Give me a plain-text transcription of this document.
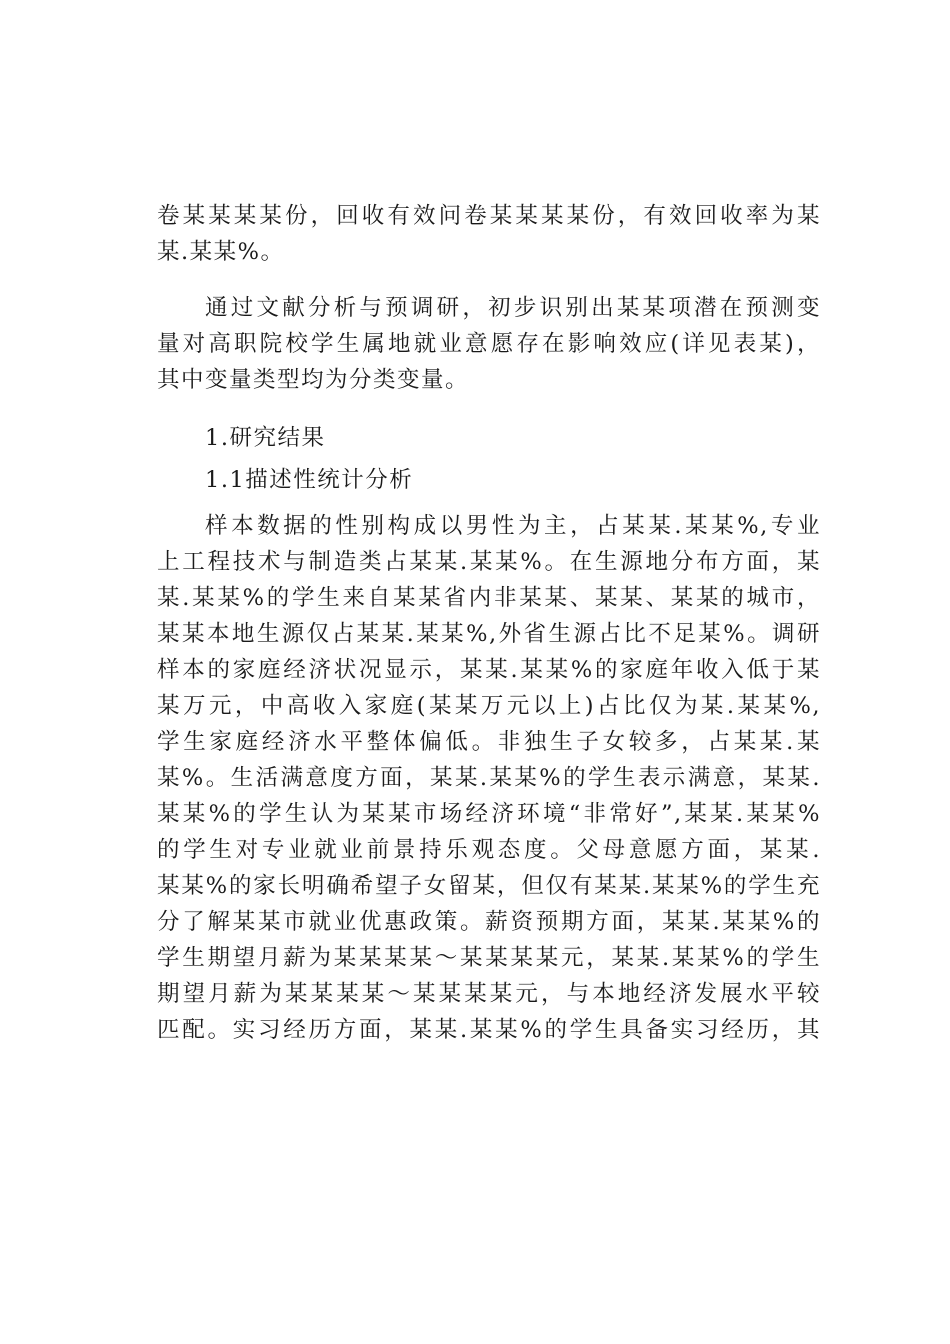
卷某某某某份，回收有效问卷某某某某份，有效回收率为某
某.某某%。
通过文献分析与预调研，初步识别出某某项潜在预测变
量对高职院校学生属地就业意愿存在影响效应(详见表某)，
其中变量类型均为分类变量。
1.研究结果
1.1描述性统计分析
样本数据的性别构成以男性为主，占某某.某某%,专业
上工程技术与制造类占某某.某某%。在生源地分布方面，某
某.某某%的学生来自某某省内非某某、某某、某某的城市，
某某本地生源仅占某某.某某%,外省生源占比不足某%。调研
样本的家庭经济状况显示，某某.某某%的家庭年收入低于某
某万元，中高收入家庭(某某万元以上)占比仅为某.某某%,
学生家庭经济水平整体偏低。非独生子女较多，占某某.某
某%。生活满意度方面，某某.某某%的学生表示满意，某某.
某某%的学生认为某某市场经济环境“非常好”,某某.某某%
的学生对专业就业前景持乐观态度。父母意愿方面，某某.
某某%的家长明确希望子女留某，但仅有某某.某某%的学生充
分了解某某市就业优惠政策。薪资预期方面，某某.某某%的
学生期望月薪为某某某某～某某某某元，某某.某某%的学生
期望月薪为某某某某～某某某某元，与本地经济发展水平较
匹配。实习经历方面，某某.某某%的学生具备实习经历，其
